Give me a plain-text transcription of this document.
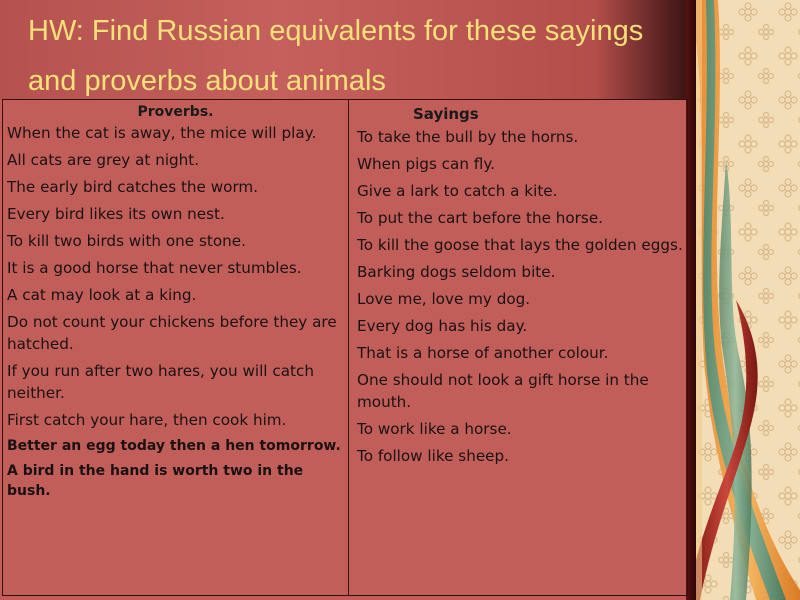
HW: Find Russian equivalents for these sayings and proverbs about animals
Proverbs.
When the cat is away, the mice will play.
All cats are grey at night.
The early bird catches the worm.
Every bird likes its own nest.
To kill two birds with one stone.
It is a good horse that never stumbles.
A cat may look at a king.
Do not count your chickens before they are hatched.
If you run after two hares, you will catch neither.
First catch your hare, then cook him.
Better an egg today then a hen tomorrow.
A bird in the hand is worth two in the bush.
Sayings
To take the bull by the horns.
When pigs can fly.
Give a lark to catch a kite.
To put the cart before the horse.
To kill the goose that lays the golden eggs.
Barking dogs seldom bite.
Love me, love my dog.
Every dog has his day.
That is a horse of another colour.
One should not look a gift horse in the mouth.
To work like a horse.
To follow like sheep.
